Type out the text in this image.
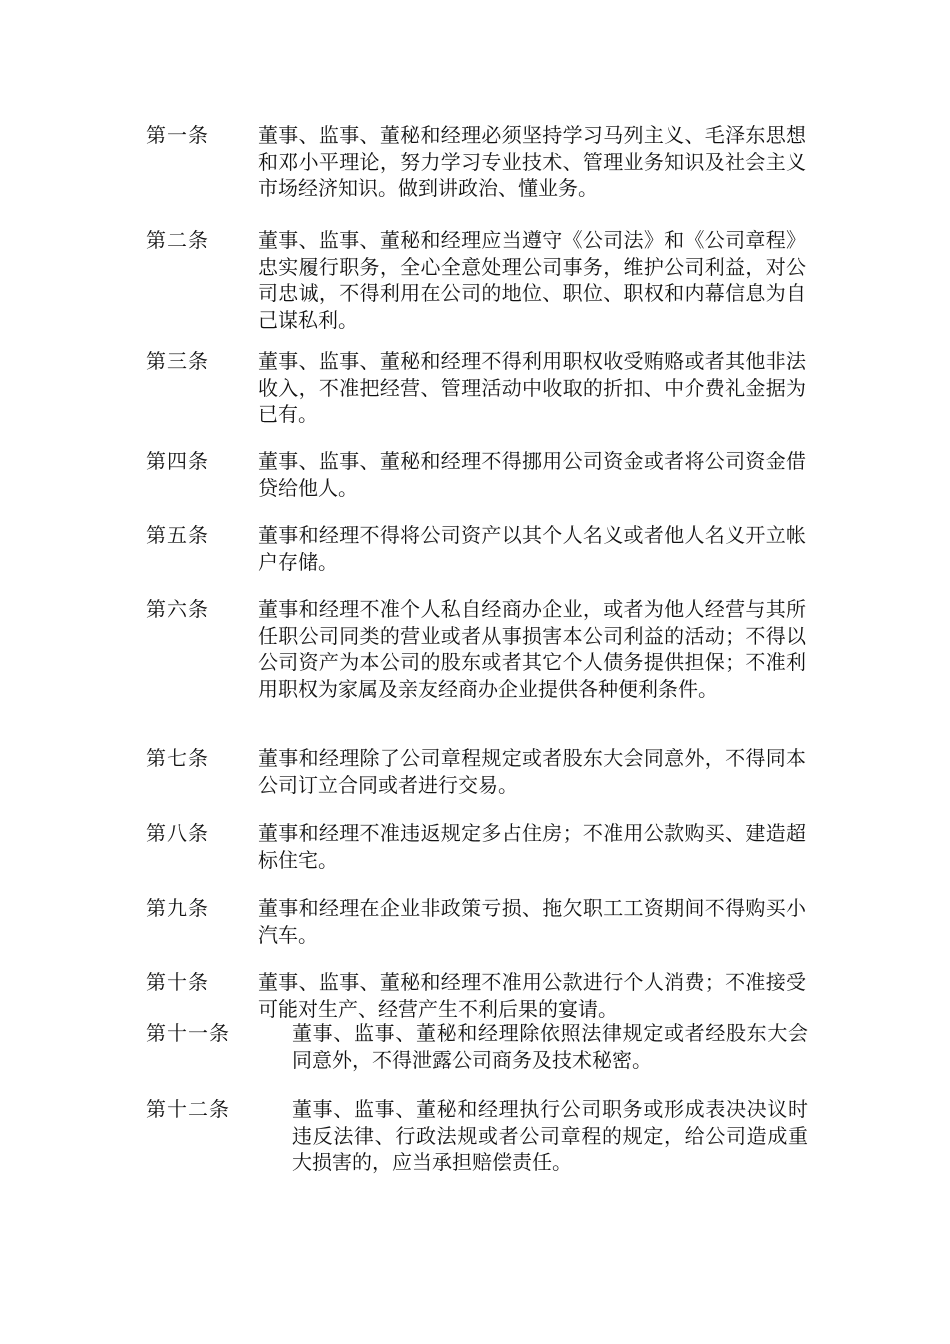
第一条 董事、监事、董秘和经理必须坚持学习马列主义、毛泽东思想和邓小平理论，努力学习专业技术、管理业务知识及社会主义市场经济知识。做到讲政治、懂业务。
第二条 董事、监事、董秘和经理应当遵守《公司法》和《公司章程》忠实履行职务，全心全意处理公司事务，维护公司利益，对公司忠诚，不得利用在公司的地位、职位、职权和内幕信息为自己谋私利。
第三条 董事、监事、董秘和经理不得利用职权收受贿赂或者其他非法收入，不准把经营、管理活动中收取的折扣、中介费礼金据为已有。
第四条 董事、监事、董秘和经理不得挪用公司资金或者将公司资金借贷给他人。
第五条 董事和经理不得将公司资产以其个人名义或者他人名义开立帐户存储。
第六条 董事和经理不准个人私自经商办企业，或者为他人经营与其所任职公司同类的营业或者从事损害本公司利益的活动；不得以公司资产为本公司的股东或者其它个人债务提供担保；不准利用职权为家属及亲友经商办企业提供各种便利条件。
第七条 董事和经理除了公司章程规定或者股东大会同意外，不得同本公司订立合同或者进行交易。
第八条 董事和经理不准违返规定多占住房；不准用公款购买、建造超标住宅。
第九条 董事和经理在企业非政策亏损、拖欠职工工资期间不得购买小汽车。
第十条 董事、监事、董秘和经理不准用公款进行个人消费；不准接受可能对生产、经营产生不利后果的宴请。
第十一条	董事、监事、董秘和经理除依照法律规定或者经股东大会同意外，不得泄露公司商务及技术秘密。
第十二条	董事、监事、董秘和经理执行公司职务或形成表决决议时违反法律、行政法规或者公司章程的规定，给公司造成重大损害的，应当承担赔偿责任。
